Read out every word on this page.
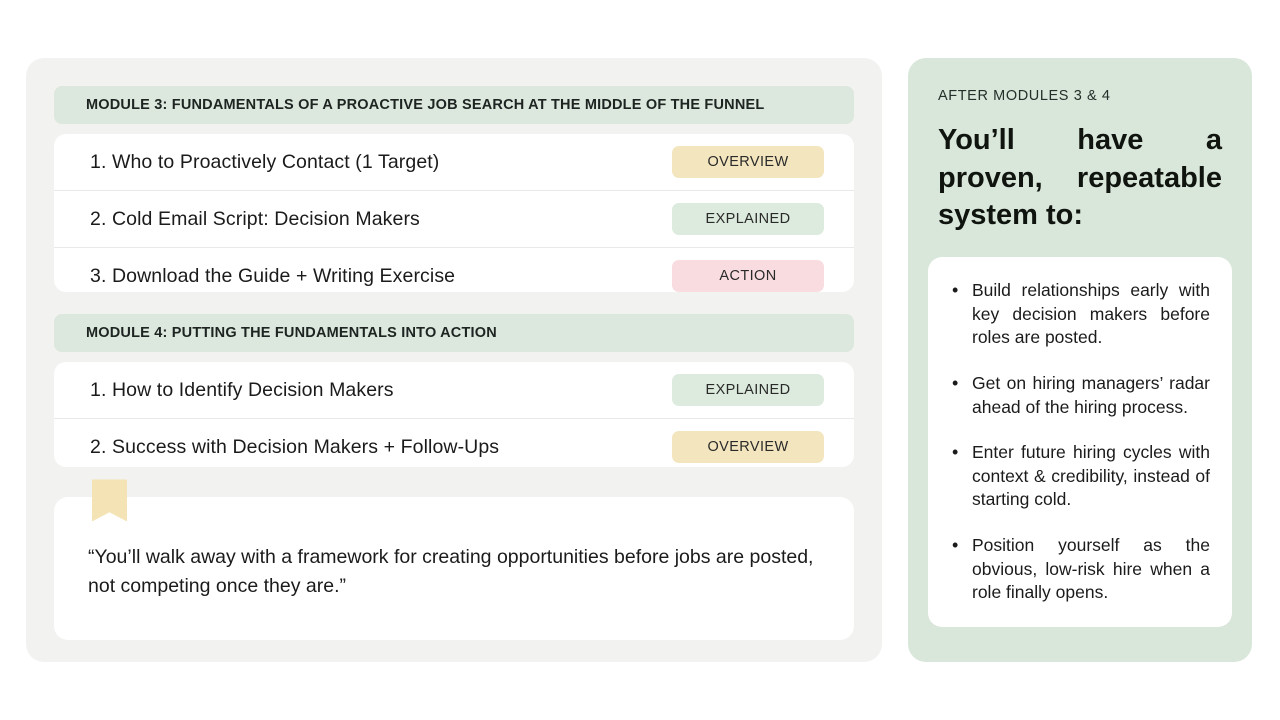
MODULE 3: FUNDAMENTALS OF A PROACTIVE JOB SEARCH AT THE MIDDLE OF THE FUNNEL
1. Who to Proactively Contact (1 Target)	OVERVIEW
2. Cold Email Script: Decision Makers	EXPLAINED
3. Download the Guide + Writing Exercise	ACTION
MODULE 4: PUTTING THE FUNDAMENTALS INTO ACTION
1. How to Identify Decision Makers	EXPLAINED
2. Success with Decision Makers + Follow-Ups	OVERVIEW
“You’ll walk away with a framework for creating opportunities before jobs are posted, not competing once they are.”
AFTER MODULES 3 & 4
You’ll have a proven, repeatable system to:
• Build relationships early with key decision makers before roles are posted.
• Get on hiring managers’ radar ahead of the hiring process.
• Enter future hiring cycles with context & credibility, instead of starting cold.
• Position yourself as the obvious, low-risk hire when a role finally opens.
